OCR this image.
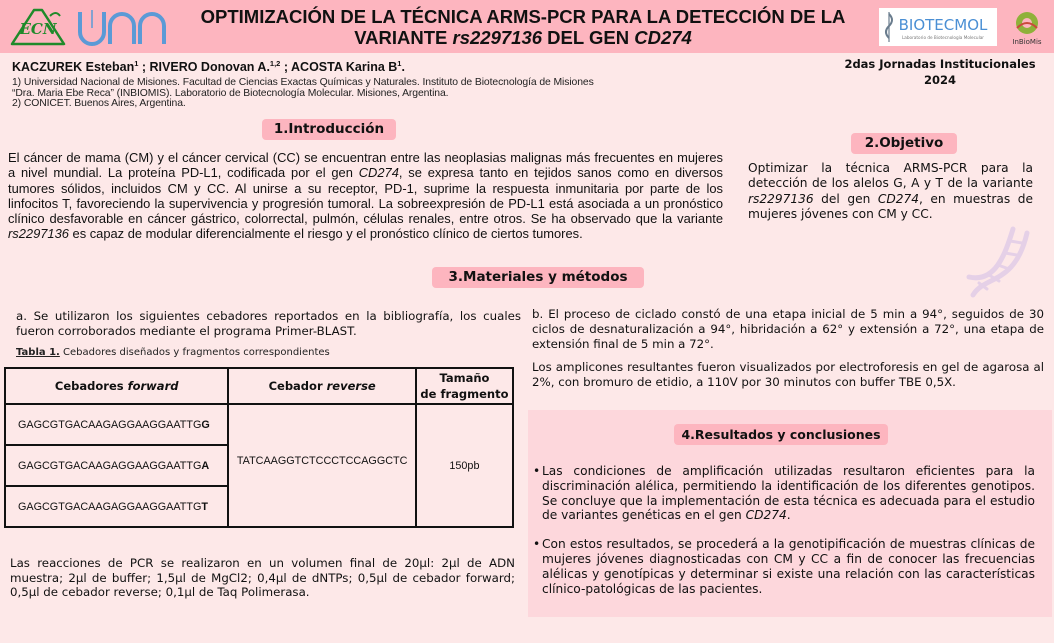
ECN
OPTIMIZACIÓN DE LA TÉCNICA ARMS-PCR PARA LA DETECCIÓN DE LA
VARIANTE rs2297136 DEL GEN CD274
BIOTECMOL
Laboratorio de Biotecnología Molecular
InBioMis
KACZUREK Esteban$^1$ ; RIVERO Donovan A.$^{1,2}$ ; ACOSTA Karina $B^1$.
1) Universidad Nacional de Misiones. Facultad de Ciencias Exactas Químicas y Naturales. Instituto de Biotecnología de Misiones
“Dra. Maria Ebe Reca” (INBIOMIS). Laboratorio de Biotecnología Molecular. Misiones, Argentina.
2) CONICET. Buenos Aires, Argentina.
2das Jornadas Institucionales
2024
1.Introducción
El cáncer de mama (CM) y el cáncer cervical (CC) se encuentran entre las neoplasias malignas más frecuentes en mujeres a nivel mundial. La proteína PD-L1, codificada por el gen CD274, se expresa tanto en tejidos sanos como en diversos tumores sólidos, incluidos CM y CC. Al unirse a su receptor, PD-1, suprime la respuesta inmunitaria por parte de los linfocitos T, favoreciendo la supervivencia y progresión tumoral. La sobreexpresión de PD-L1 está asociada a un pronóstico clínico desfavorable en cáncer gástrico, colorrectal, pulmón, células renales, entre otros. Se ha observado que la variante rs2297136 es capaz de modular diferencialmente el riesgo y el pronóstico clínico de ciertos tumores.
2.Objetivo
Optimizar la técnica ARMS-PCR para la detección de los alelos G, A y T de la variante rs2297136 del gen CD274, en muestras de mujeres jóvenes con CM y CC.
3.Materiales y métodos
a. Se utilizaron los siguientes cebadores reportados en la bibliografía, los cuales fueron corroborados mediante el programa Primer-BLAST.
Tabla 1. Cebadores diseñados y fragmentos correspondientes
Cebadores forward	Cebador reverse	Tamaño
de fragmento

GAGCGTGACAAGAGGAAGGAATTGG	TATCAAGGTCTCCCTCCAGGCTC	150pb
GAGCGTGACAAGAGGAAGGAATTGA		
GAGCGTGACAAGAGGAAGGAATTGT		
Las reacciones de PCR se realizaron en un volumen final de 20µl: 2µl de ADN muestra; 2µl de buffer; 1,5µl de MgCl2; 0,4µl de dNTPs; 0,5µl de cebador forward; 0,5µl de cebador reverse; 0,1µl de Taq Polimerasa.
b. El proceso de ciclado constó de una etapa inicial de 5 min a 94°, seguidos de 30 ciclos de desnaturalización a 94°, hibridación a 62° y extensión a 72°, una etapa de extensión final de 5 min a 72°.
Los amplicones resultantes fueron visualizados por electroforesis en gel de agarosa al 2%, con bromuro de etidio, a 110V por 30 minutos con buffer TBE 0,5X.
4.Resultados y conclusiones
• Las condiciones de amplificación utilizadas resultaron eficientes para la discriminación alélica, permitiendo la identificación de los diferentes genotipos. Se concluye que la implementación de esta técnica es adecuada para el estudio de variantes genéticas en el gen CD274.
• Con estos resultados, se procederá a la genotipificación de muestras clínicas de mujeres jóvenes diagnosticadas con CM y CC a fin de conocer las frecuencias alélicas y genotípicas y determinar si existe una relación con las características clínico-patológicas de las pacientes.
